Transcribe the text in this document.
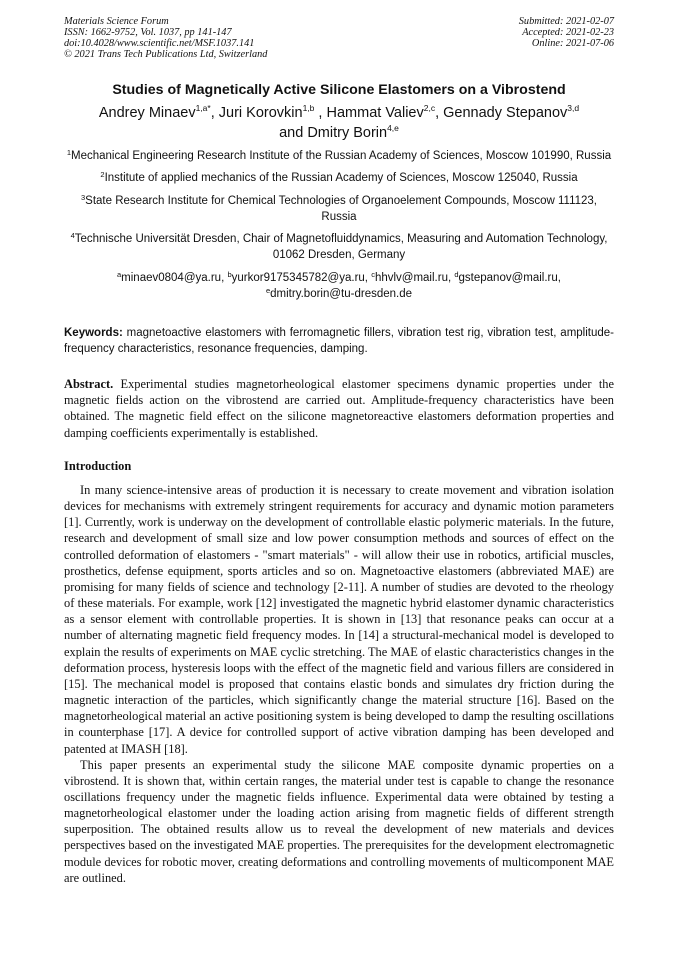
Materials Science Forum
ISSN: 1662-9752, Vol. 1037, pp 141-147
doi:10.4028/www.scientific.net/MSF.1037.141
© 2021 Trans Tech Publications Ltd, Switzerland
Submitted: 2021-02-07
Accepted: 2021-02-23
Online: 2021-07-06
Studies of Magnetically Active Silicone Elastomers on a Vibrostend
Andrey Minaev$^{1,a*}$, Juri Korovkin$^{1,b}$ , Hammat Valiev$^{2,c}$, Gennady Stepanov$^{3,d}$
and Dmitry Borin$^{4,e}$
$^1$Mechanical Engineering Research Institute of the Russian Academy of Sciences, Moscow 101990, Russia
$^2$Institute of applied mechanics of the Russian Academy of Sciences, Moscow 125040, Russia
$^3$State Research Institute for Chemical Technologies of Organoelement Compounds, Moscow 111123, Russia
$^4$Technische Universität Dresden, Chair of Magnetofluiddynamics, Measuring and Automation Technology, 01062 Dresden, Germany
$^a$minaev0804@ya.ru, $^b$yurkor9175345782@ya.ru, $^c$hhvlv@mail.ru, $^d$gstepanov@mail.ru,
$^e$dmitry.borin@tu-dresden.de
Keywords: magnetoactive elastomers with ferromagnetic fillers, vibration test rig, vibration test, amplitude-frequency characteristics, resonance frequencies, damping.
Abstract. Experimental studies magnetorheological elastomer specimens dynamic properties under the magnetic fields action on the vibrostend are carried out. Amplitude-frequency characteristics have been obtained. The magnetic field effect on the silicone magnetoreactive elastomers deformation properties and damping coefficients experimentally is established.
Introduction

In many science-intensive areas of production it is necessary to create movement and vibration isolation devices for mechanisms with extremely stringent requirements for accuracy and dynamic motion parameters [1]. Currently, work is underway on the development of controllable elastic polymeric materials. In the future, research and development of small size and low power consumption methods and sources of effect on the controlled deformation of elastomers - "smart materials" - will allow their use in robotics, artificial muscles, prosthetics, defense equipment, sports articles and so on. Magnetoactive elastomers (abbreviated MAE) are promising for many fields of science and technology [2-11]. A number of studies are devoted to the rheology of these materials. For example, work [12] investigated the magnetic hybrid elastomer dynamic characteristics as a sensor element with controllable properties. It is shown in [13] that resonance peaks can occur at a number of alternating magnetic field frequency modes. In [14] a structural-mechanical model is developed to explain the results of experiments on MAE cyclic stretching. The MAE of elastic characteristics changes in the deformation process, hysteresis loops with the effect of the magnetic field and various fillers are considered in [15]. The mechanical model is proposed that contains elastic bonds and simulates dry friction during the magnetic interaction of the particles, which significantly change the material structure [16]. Based on the magnetorheological material an active positioning system is being developed to damp the resulting oscillations in counterphase [17]. A device for controlled support of active vibration damping has been developed and patented at IMASH [18].

This paper presents an experimental study the silicone MAE composite dynamic properties on a vibrostend. It is shown that, within certain ranges, the material under test is capable to change the resonance oscillations frequency under the magnetic fields influence. Experimental data were obtained by testing a magnetorheological elastomer under the loading action arising from magnetic fields of different strength superposition. The obtained results allow us to reveal the development of new materials and devices perspectives based on the investigated MAE properties. The prerequisites for the development electromagnetic module devices for robotic mover, creating deformations and controlling movements of multicomponent MAE are outlined.
